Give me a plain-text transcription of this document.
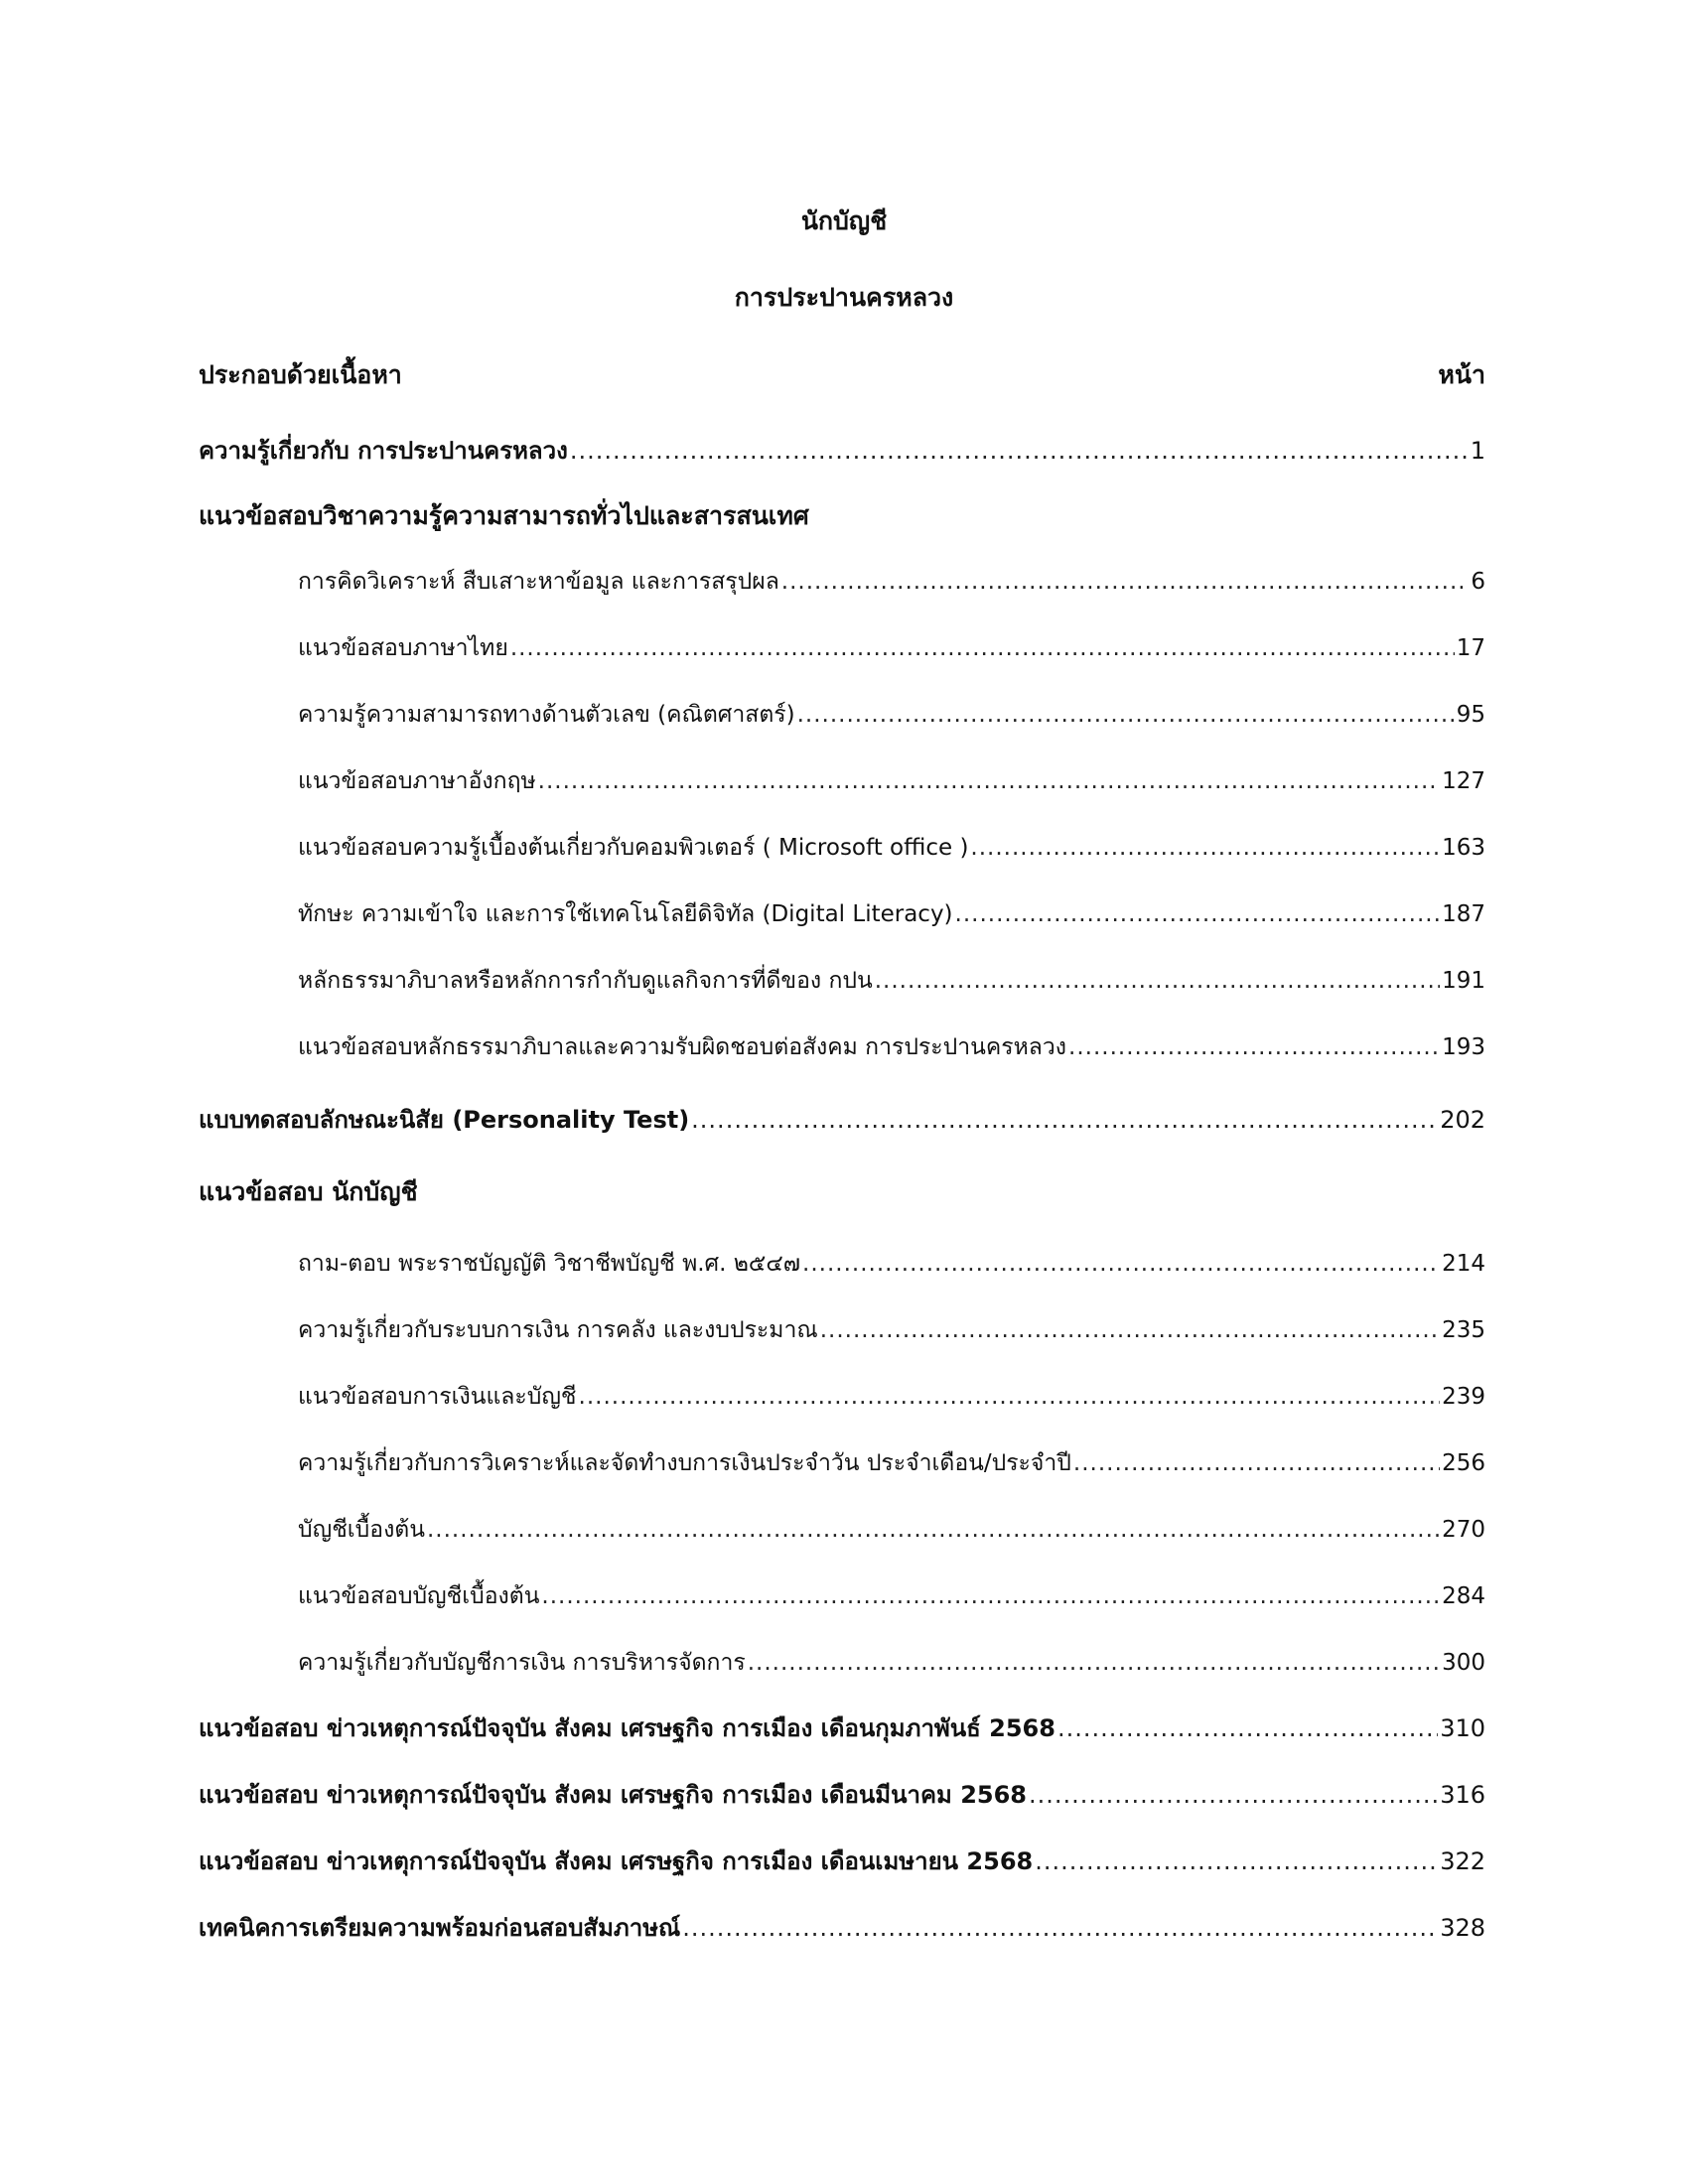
นักบัญชี
การประปานครหลวง
ประกอบด้วยเนื้อหา	หน้า
ความรู้เกี่ยวกับ การประปานครหลวง .....	1
แนวข้อสอบวิชาความรู้ความสามารถทั่วไปและสารสนเทศ
การคิดวิเคราะห์ สืบเสาะหาข้อมูล และการสรุปผล .....	6
แนวข้อสอบภาษาไทย .....	17
ความรู้ความสามารถทางด้านตัวเลข (คณิตศาสตร์) .....	95
แนวข้อสอบภาษาอังกฤษ .....	127
แนวข้อสอบความรู้เบื้องต้นเกี่ยวกับคอมพิวเตอร์ ( Microsoft office ) .....	163
ทักษะ ความเข้าใจ และการใช้เทคโนโลยีดิจิทัล (Digital Literacy) .....	187
หลักธรรมาภิบาลหรือหลักการกำกับดูแลกิจการที่ดีของ กปน .....	191
แนวข้อสอบหลักธรรมาภิบาลและความรับผิดชอบต่อสังคม การประปานครหลวง .....	193
แบบทดสอบลักษณะนิสัย (Personality Test) .....	202
แนวข้อสอบ นักบัญชี
ถาม-ตอบ พระราชบัญญัติ วิชาชีพบัญชี พ.ศ. ๒๕๔๗ .....	214
ความรู้เกี่ยวกับระบบการเงิน การคลัง และงบประมาณ .....	235
แนวข้อสอบการเงินและบัญชี .....	239
ความรู้เกี่ยวกับการวิเคราะห์และจัดทำงบการเงินประจำวัน ประจำเดือน/ประจำปี .....	256
บัญชีเบื้องต้น .....	270
แนวข้อสอบบัญชีเบื้องต้น .....	284
ความรู้เกี่ยวกับบัญชีการเงิน การบริหารจัดการ .....	300
แนวข้อสอบ ข่าวเหตุการณ์ปัจจุบัน สังคม เศรษฐกิจ การเมือง เดือนกุมภาพันธ์ 2568 .....	310
แนวข้อสอบ ข่าวเหตุการณ์ปัจจุบัน สังคม เศรษฐกิจ การเมือง เดือนมีนาคม 2568 .....	316
แนวข้อสอบ ข่าวเหตุการณ์ปัจจุบัน สังคม เศรษฐกิจ การเมือง เดือนเมษายน 2568 .....	322
เทคนิคการเตรียมความพร้อมก่อนสอบสัมภาษณ์ .....	328
